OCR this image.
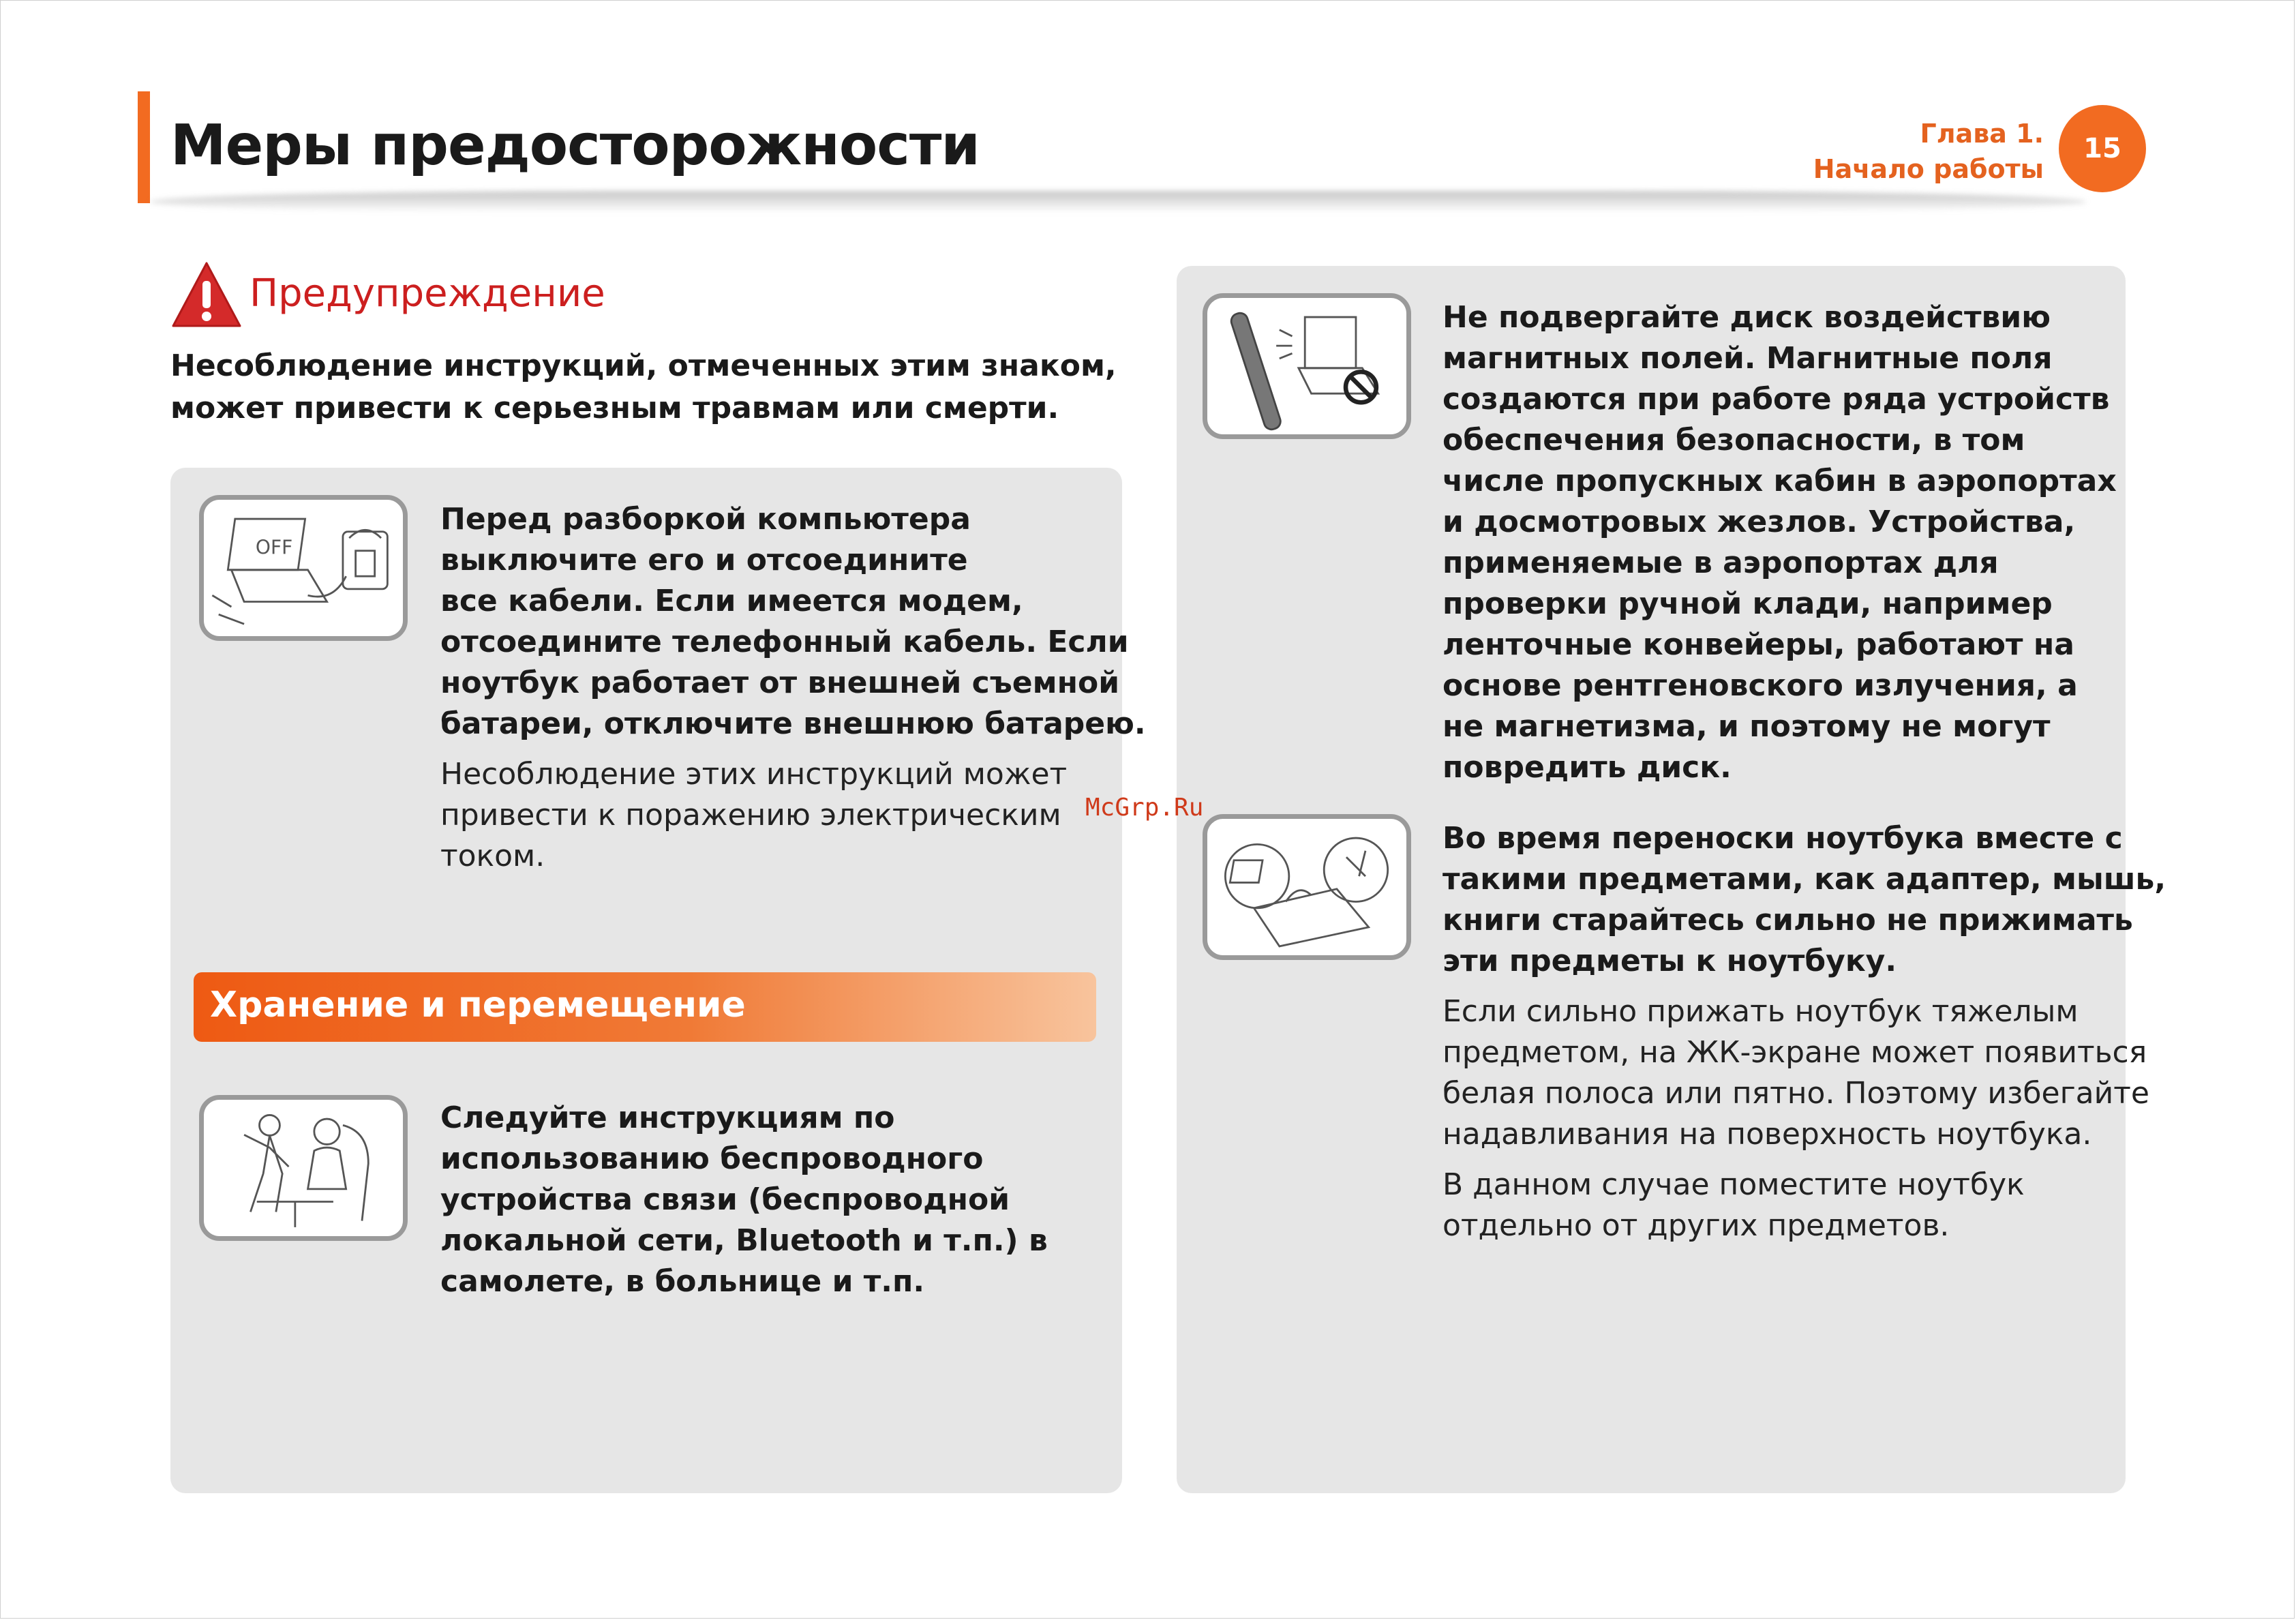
Меры предосторожности	Глава 1.
Начало работы
15
Предупреждение
Несоблюдение инструкций, отмеченных этим знаком,
может привести к серьезным травмам или смерти.
OFF
Перед разборкой компьютера
выключите его и отсоедините
все кабели. Если имеется модем,
отсоедините телефонный кабель. Если
ноутбук работает от внешней съемной
батареи, отключите внешнюю батарею.
Несоблюдение этих инструкций может
привести к поражению электрическим
током.
Хранение и перемещение
Следуйте инструкциям по
использованию беспроводного
устройства связи (беспроводной
локальной сети, Bluetooth и т.п.) в
самолете, в больнице и т.п.
Не подвергайте диск воздействию
магнитных полей. Магнитные поля
создаются при работе ряда устройств
обеспечения безопасности, в том
числе пропускных кабин в аэропортах
и досмотровых жезлов. Устройства,
применяемые в аэропортах для
проверки ручной клади, например
ленточные конвейеры, работают на
основе рентгеновского излучения, а
не магнетизма, и поэтому не могут
повредить диск.
Во время переноски ноутбука вместе с
такими предметами, как адаптер, мышь,
книги старайтесь сильно не прижимать
эти предметы к ноутбуку.
Если сильно прижать ноутбук тяжелым
предметом, на ЖК-экране может появиться
белая полоса или пятно. Поэтому избегайте
надавливания на поверхность ноутбука.
В данном случае поместите ноутбук
отдельно от других предметов.
McGrp.Ru
